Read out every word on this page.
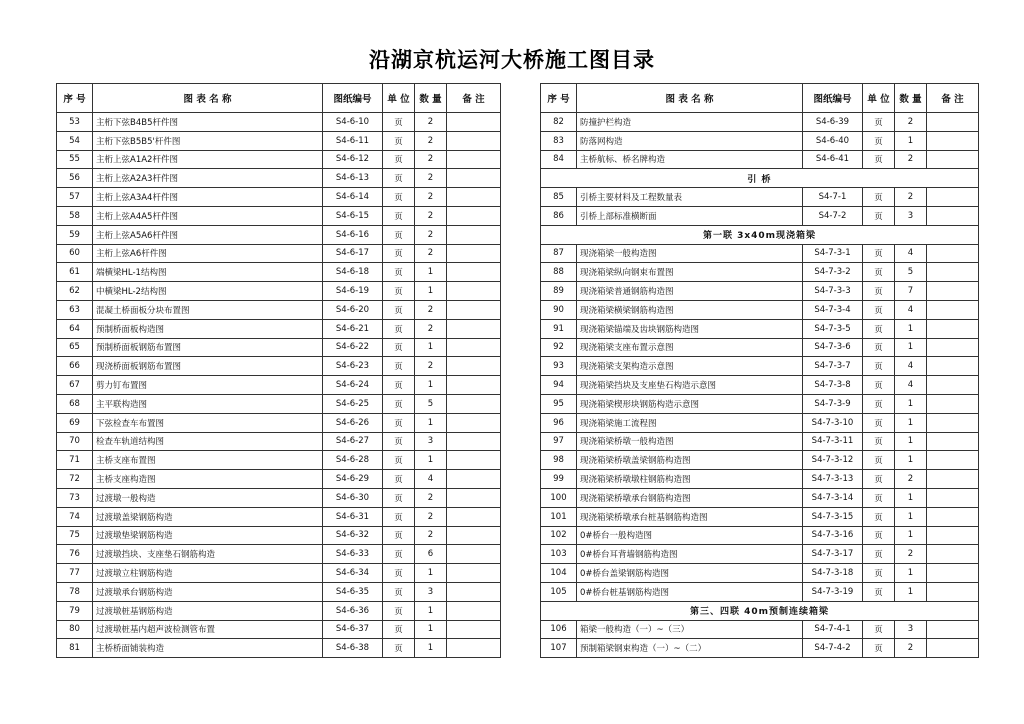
沿湖京杭运河大桥施工图目录
序 号	图 表 名 称	图纸编号	单 位	数 量	备 注
53	主桁下弦B4B5杆件图	S4-6-10	页	2	
54	主桁下弦B5B5'杆件图	S4-6-11	页	2	
55	主桁上弦A1A2杆件图	S4-6-12	页	2	
56	主桁上弦A2A3杆件图	S4-6-13	页	2	
57	主桁上弦A3A4杆件图	S4-6-14	页	2	
58	主桁上弦A4A5杆件图	S4-6-15	页	2	
59	主桁上弦A5A6杆件图	S4-6-16	页	2	
60	主桁上弦A6杆件图	S4-6-17	页	2	
61	端横梁HL-1结构图	S4-6-18	页	1	
62	中横梁HL-2结构图	S4-6-19	页	1	
63	混凝土桥面板分块布置图	S4-6-20	页	2	
64	预制桥面板构造图	S4-6-21	页	2	
65	预制桥面板钢筋布置图	S4-6-22	页	1	
66	现浇桥面板钢筋布置图	S4-6-23	页	2	
67	剪力钉布置图	S4-6-24	页	1	
68	主平联构造图	S4-6-25	页	5	
69	下弦检查车布置图	S4-6-26	页	1	
70	检查车轨道结构图	S4-6-27	页	3	
71	主桥支座布置图	S4-6-28	页	1	
72	主桥支座构造图	S4-6-29	页	4	
73	过渡墩一般构造	S4-6-30	页	2	
74	过渡墩盖梁钢筋构造	S4-6-31	页	2	
75	过渡墩垫梁钢筋构造	S4-6-32	页	2	
76	过渡墩挡块、支座垫石钢筋构造	S4-6-33	页	6	
77	过渡墩立柱钢筋构造	S4-6-34	页	1	
78	过渡墩承台钢筋构造	S4-6-35	页	3	
79	过渡墩桩基钢筋构造	S4-6-36	页	1	
80	过渡墩桩基内超声波检测管布置	S4-6-37	页	1	
81	主桥桥面铺装构造	S4-6-38	页	1	
序 号	图 表 名 称	图纸编号	单 位	数 量	备 注
82	防撞护栏构造	S4-6-39	页	2	
83	防落网构造	S4-6-40	页	1	
84	主桥航标、桥名牌构造	S4-6-41	页	2	
引 桥					
85	引桥主要材料及工程数量表	S4-7-1	页	2	
86	引桥上部标准横断面	S4-7-2	页	3	
第一联 3x40m现浇箱梁					
87	现浇箱梁一般构造图	S4-7-3-1	页	4	
88	现浇箱梁纵向钢束布置图	S4-7-3-2	页	5	
89	现浇箱梁普通钢筋构造图	S4-7-3-3	页	7	
90	现浇箱梁横梁钢筋构造图	S4-7-3-4	页	4	
91	现浇箱梁锚端及齿块钢筋构造图	S4-7-3-5	页	1	
92	现浇箱梁支座布置示意图	S4-7-3-6	页	1	
93	现浇箱梁支架构造示意图	S4-7-3-7	页	4	
94	现浇箱梁挡块及支座垫石构造示意图	S4-7-3-8	页	4	
95	现浇箱梁楔形块钢筋构造示意图	S4-7-3-9	页	1	
96	现浇箱梁施工流程图	S4-7-3-10	页	1	
97	现浇箱梁桥墩一般构造图	S4-7-3-11	页	1	
98	现浇箱梁桥墩盖梁钢筋构造图	S4-7-3-12	页	1	
99	现浇箱梁桥墩墩柱钢筋构造图	S4-7-3-13	页	2	
100	现浇箱梁桥墩承台钢筋构造图	S4-7-3-14	页	1	
101	现浇箱梁桥墩承台桩基钢筋构造图	S4-7-3-15	页	1	
102	0#桥台一般构造图	S4-7-3-16	页	1	
103	0#桥台耳背墙钢筋构造图	S4-7-3-17	页	2	
104	0#桥台盖梁钢筋构造图	S4-7-3-18	页	1	
105	0#桥台桩基钢筋构造图	S4-7-3-19	页	1	
第三、四联 40m预制连续箱梁					
106	箱梁一般构造（一）~（三）	S4-7-4-1	页	3	
107	预制箱梁钢束构造（一）~（二）	S4-7-4-2	页	2	
